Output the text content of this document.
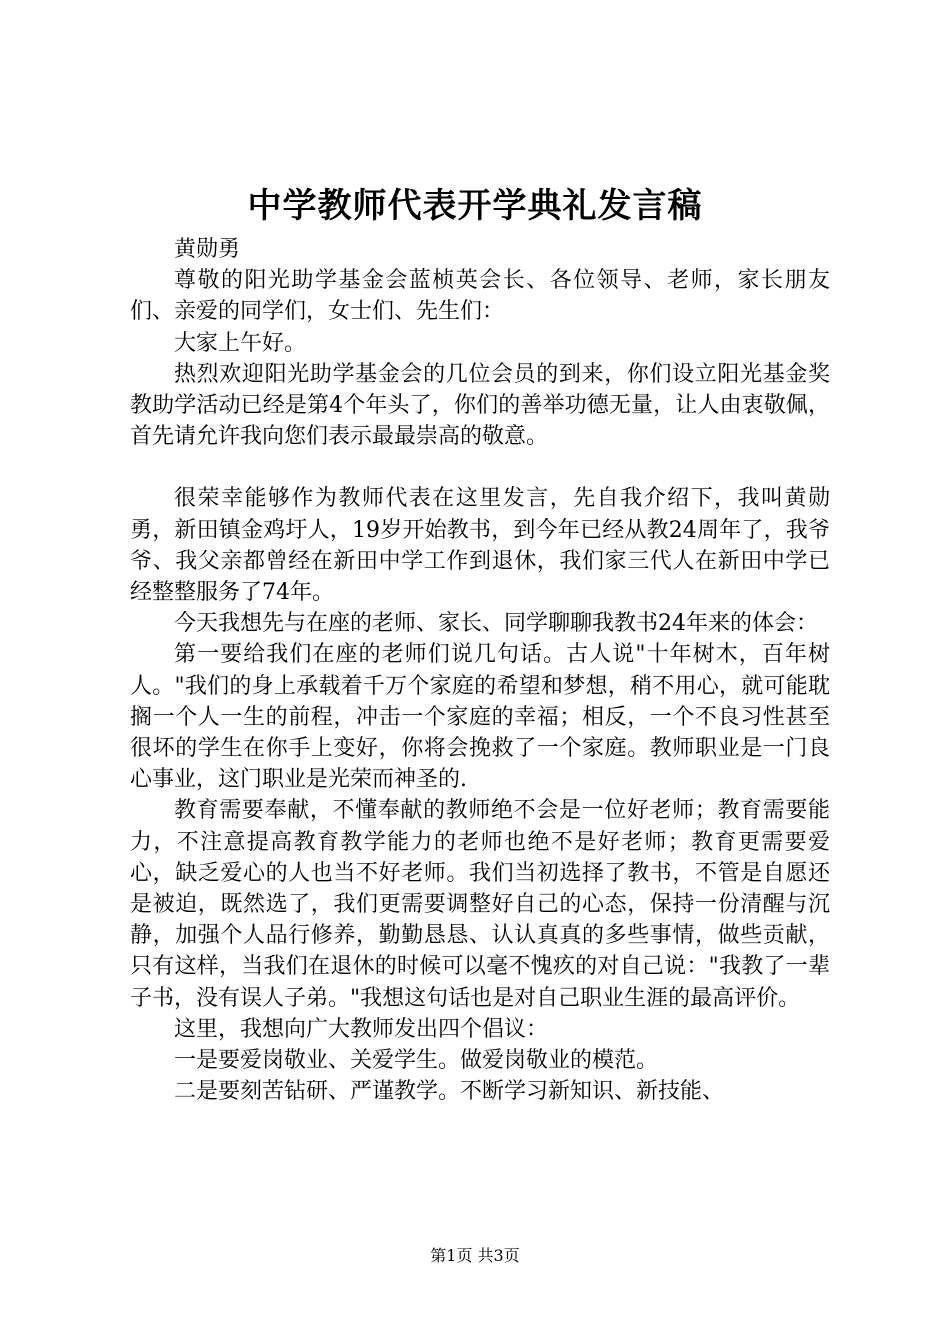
中学教师代表开学典礼发言稿

黄勋勇

尊敬的阳光助学基金会蓝桢英会长、各位领导、老师，家长朋友们、亲爱的同学们，女士们、先生们：

大家上午好。

热烈欢迎阳光助学基金会的几位会员的到来，你们设立阳光基金奖教助学活动已经是第4个年头了，你们的善举功德无量，让人由衷敬佩，首先请允许我向您们表示最最崇高的敬意。

很荣幸能够作为教师代表在这里发言，先自我介绍下，我叫黄勋勇，新田镇金鸡圩人，19岁开始教书，到今年已经从教24周年了，我爷爷、我父亲都曾经在新田中学工作到退休，我们家三代人在新田中学已经整整服务了74年。

今天我想先与在座的老师、家长、同学聊聊我教书24年来的体会：

第一要给我们在座的老师们说几句话。古人说"十年树木，百年树人。"我们的身上承载着千万个家庭的希望和梦想，稍不用心，就可能耽搁一个人一生的前程，冲击一个家庭的幸福；相反，一个不良习性甚至很坏的学生在你手上变好，你将会挽救了一个家庭。教师职业是一门良心事业，这门职业是光荣而神圣的.

教育需要奉献，不懂奉献的教师绝不会是一位好老师；教育需要能力，不注意提高教育教学能力的老师也绝不是好老师；教育更需要爱心，缺乏爱心的人也当不好老师。我们当初选择了教书，不管是自愿还是被迫，既然选了，我们更需要调整好自己的心态，保持一份清醒与沉静，加强个人品行修养，勤勤恳恳、认认真真的多些事情，做些贡献，只有这样，当我们在退休的时候可以毫不愧疚的对自己说："我教了一辈子书，没有误人子弟。"我想这句话也是对自己职业生涯的最高评价。

这里，我想向广大教师发出四个倡议：

一是要爱岗敬业、关爱学生。做爱岗敬业的模范。

二是要刻苦钻研、严谨教学。不断学习新知识、新技能、

第1页 共3页
